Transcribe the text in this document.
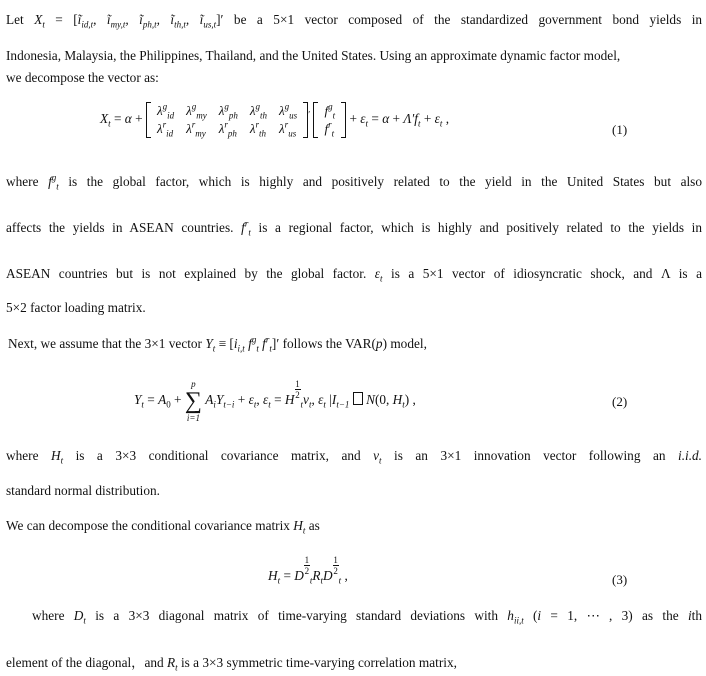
Let $X_t$ = [$ĩ_{id,t}$, $ĩ_{my,t}$, $ĩ_{ph,t}$, $ĩ_{th,t}$, $ĩ_{us,t}]'$ be a 5×1 vector composed of the standardized government bond yields in
Indonesia, Malaysia, the Philippines, Thailand, and the United States. Using an approximate dynamic factor model,
we decompose the vector as:
$X_t = \alpha$ +
$\lambda^g_{id}$	$\lambda^g_{my}$	$\lambda^g_{ph}$	$\lambda^g_{th}$	$\lambda^g_{us}$
$\lambda^r_{id}$	$\lambda^r_{my}$	$\lambda^r_{ph}$	$\lambda^r_{th}$	$\lambda^r_{us}$
′ $f^g_t$
$f^r_t$
+ $\varepsilon_t = \alpha + \Lambda'f_t + \varepsilon_t$ ,
(1)
where $f^g_t$ is the global factor, which is highly and positively related to the yield in the United States but also
affects the yields in ASEAN countries. $f^r_t$ is a regional factor, which is highly and positively related to the yields in
ASEAN countries but is not explained by the global factor. $\varepsilon_t$ is a 5×1 vector of idiosyncratic shock, and Λ is a
5×2 factor loading matrix.
Next, we assume that the 3×1 vector $Y_t \equiv [i_{i,t}$ $f^g_t$ $f^r_t]'$ follows the VAR(p) model,
$Y_t = A_0$ +
p
∑
i=1
$A_iY_{t-i} + \varepsilon_t$, $\varepsilon_t = H\frac{1}{2}_tv_t$, $\varepsilon_t$ $|I_{t-1}$ N(0, $H_t$) ,	(2)
where $H_t$ is a 3×3 conditional covariance matrix, and $v_t$ is an 3×1 innovation vector following an i.i.d.
standard normal distribution.
We can decompose the conditional covariance matrix $H_t$ as
$H_t = D\frac{1}{2}_tR_tD\frac{1}{2}_t$ ,	(3)
where $D_t$ is a 3×3 diagonal matrix of time-varying standard deviations with $h_{ii,t}$ (i = 1, ⋯ , 3) as the ith
element of the diagonal，and $R_t$ is a 3×3 symmetric time-varying correlation matrix,
